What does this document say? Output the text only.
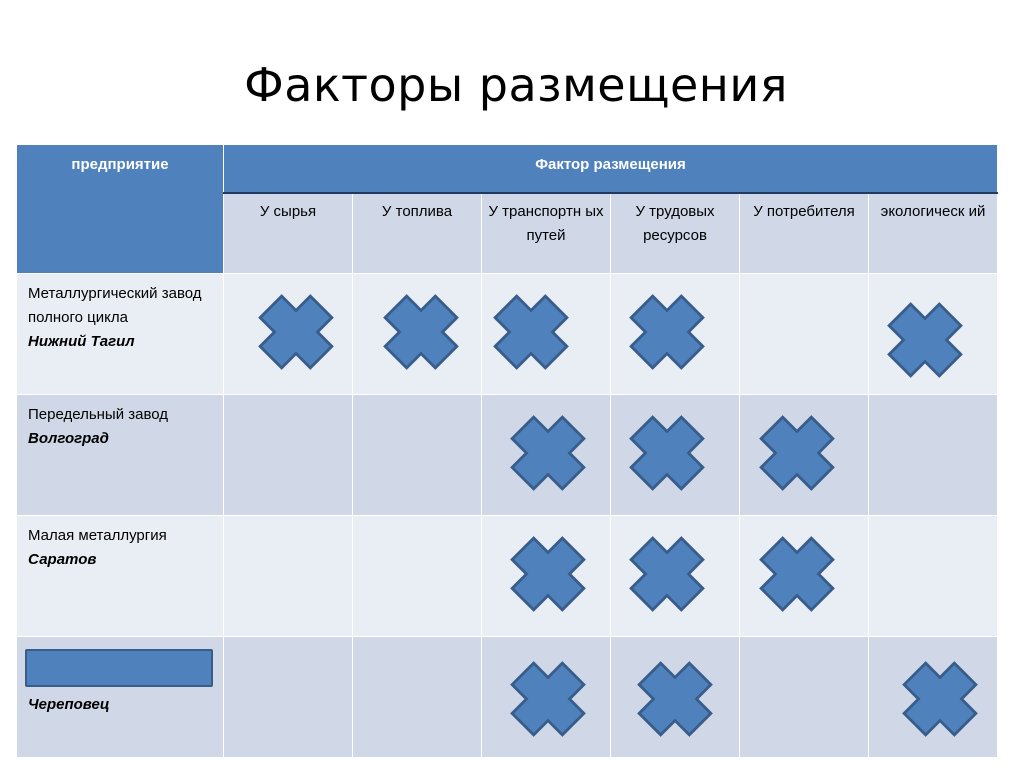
Факторы размещения
предприятие	Фактор размещения					
	У сырья	У топлива	У транспортн ых путей	У трудовых ресурсов	У потребителя	экологическ ий

Металлургический завод полного цикла
Нижний Тагил

Передельный завод
Волгоград

Малая металлургия
Саратов

Череповец
